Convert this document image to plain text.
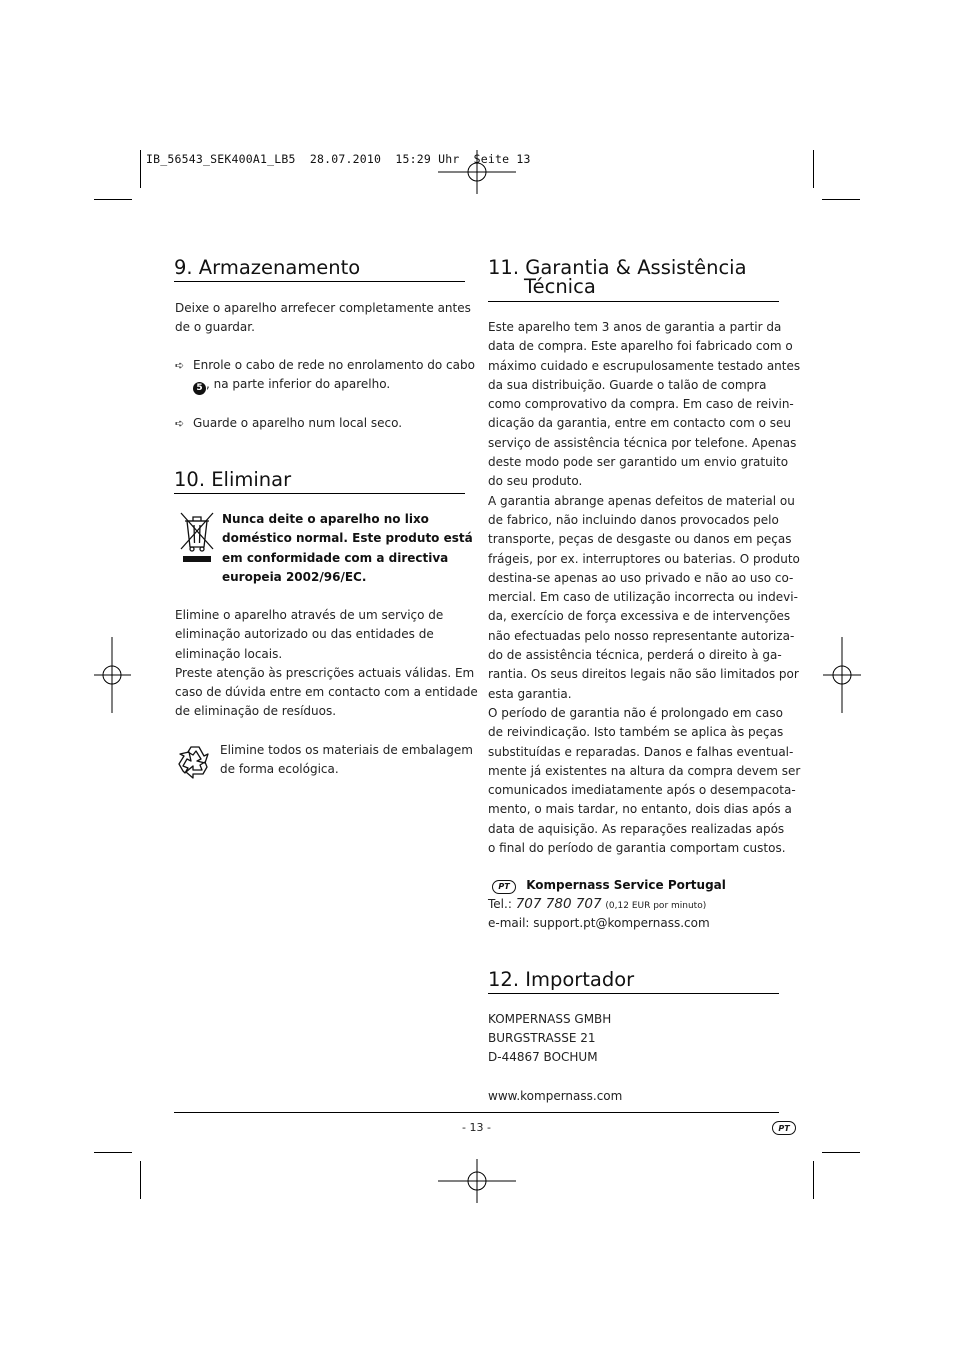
IB_56543_SEK400A1_LB5  28.07.2010  15:29 Uhr  Seite 13
9. Armazenamento

Deixe o aparelho arrefecer completamente antes

de o guardar.

➪ Enrole o cabo de rede no enrolamento do cabo
5 , na parte inferior do aparelho.
➪ Guarde o aparelho num local seco.
10. Eliminar

Nunca deite o aparelho no lixo

doméstico normal. Este produto está

em conformidade com a directiva

europeia 2002/96/EC.

Elimine o aparelho através de um serviço de

eliminação autorizado ou das entidades de

eliminação locais.

Preste atenção às prescrições actuais válidas. Em

caso de dúvida entre em contacto com a entidade

de eliminação de resíduos.

Elimine todos os materiais de embalagem

de forma ecológica.

11. Garantia & Assistência
Técnica

Este aparelho tem 3 anos de garantia a partir da

data de compra. Este aparelho foi fabricado com o

máximo cuidado e escrupulosamente testado antes

da sua distribuição. Guarde o talão de compra

como comprovativo da compra. Em caso de reivin-

dicação da garantia, entre em contacto com o seu

serviço de assistência técnica por telefone. Apenas

deste modo pode ser garantido um envio gratuito

do seu produto.

A garantia abrange apenas defeitos de material ou

de fabrico, não incluindo danos provocados pelo

transporte, peças de desgaste ou danos em peças

frágeis, por ex. interruptores ou baterias. O produto

destina-se apenas ao uso privado e não ao uso co-

mercial. Em caso de utilização incorrecta ou indevi-

da, exercício de força excessiva e de intervenções

não efectuadas pelo nosso representante autoriza-

do de assistência técnica, perderá o direito à ga-

rantia. Os seus direitos legais não são limitados por

esta garantia.

O período de garantia não é prolongado em caso

de reivindicação. Isto também se aplica às peças

substituídas e reparadas. Danos e falhas eventual-

mente já existentes na altura da compra devem ser

comunicados imediatamente após o desempacota-

mento, o mais tardar, no entanto, dois dias após a

data de aquisição. As reparações realizadas após

o final do período de garantia comportam custos.

PT Kompernass Service Portugal
Tel.: 707 780 707 (0,12 EUR por minuto)

e-mail: support.pt@kompernass.com

12. Importador

KOMPERNASS GMBH

BURGSTRASSE 21

D-44867 BOCHUM

www.kompernass.com

- 13 -	PT
